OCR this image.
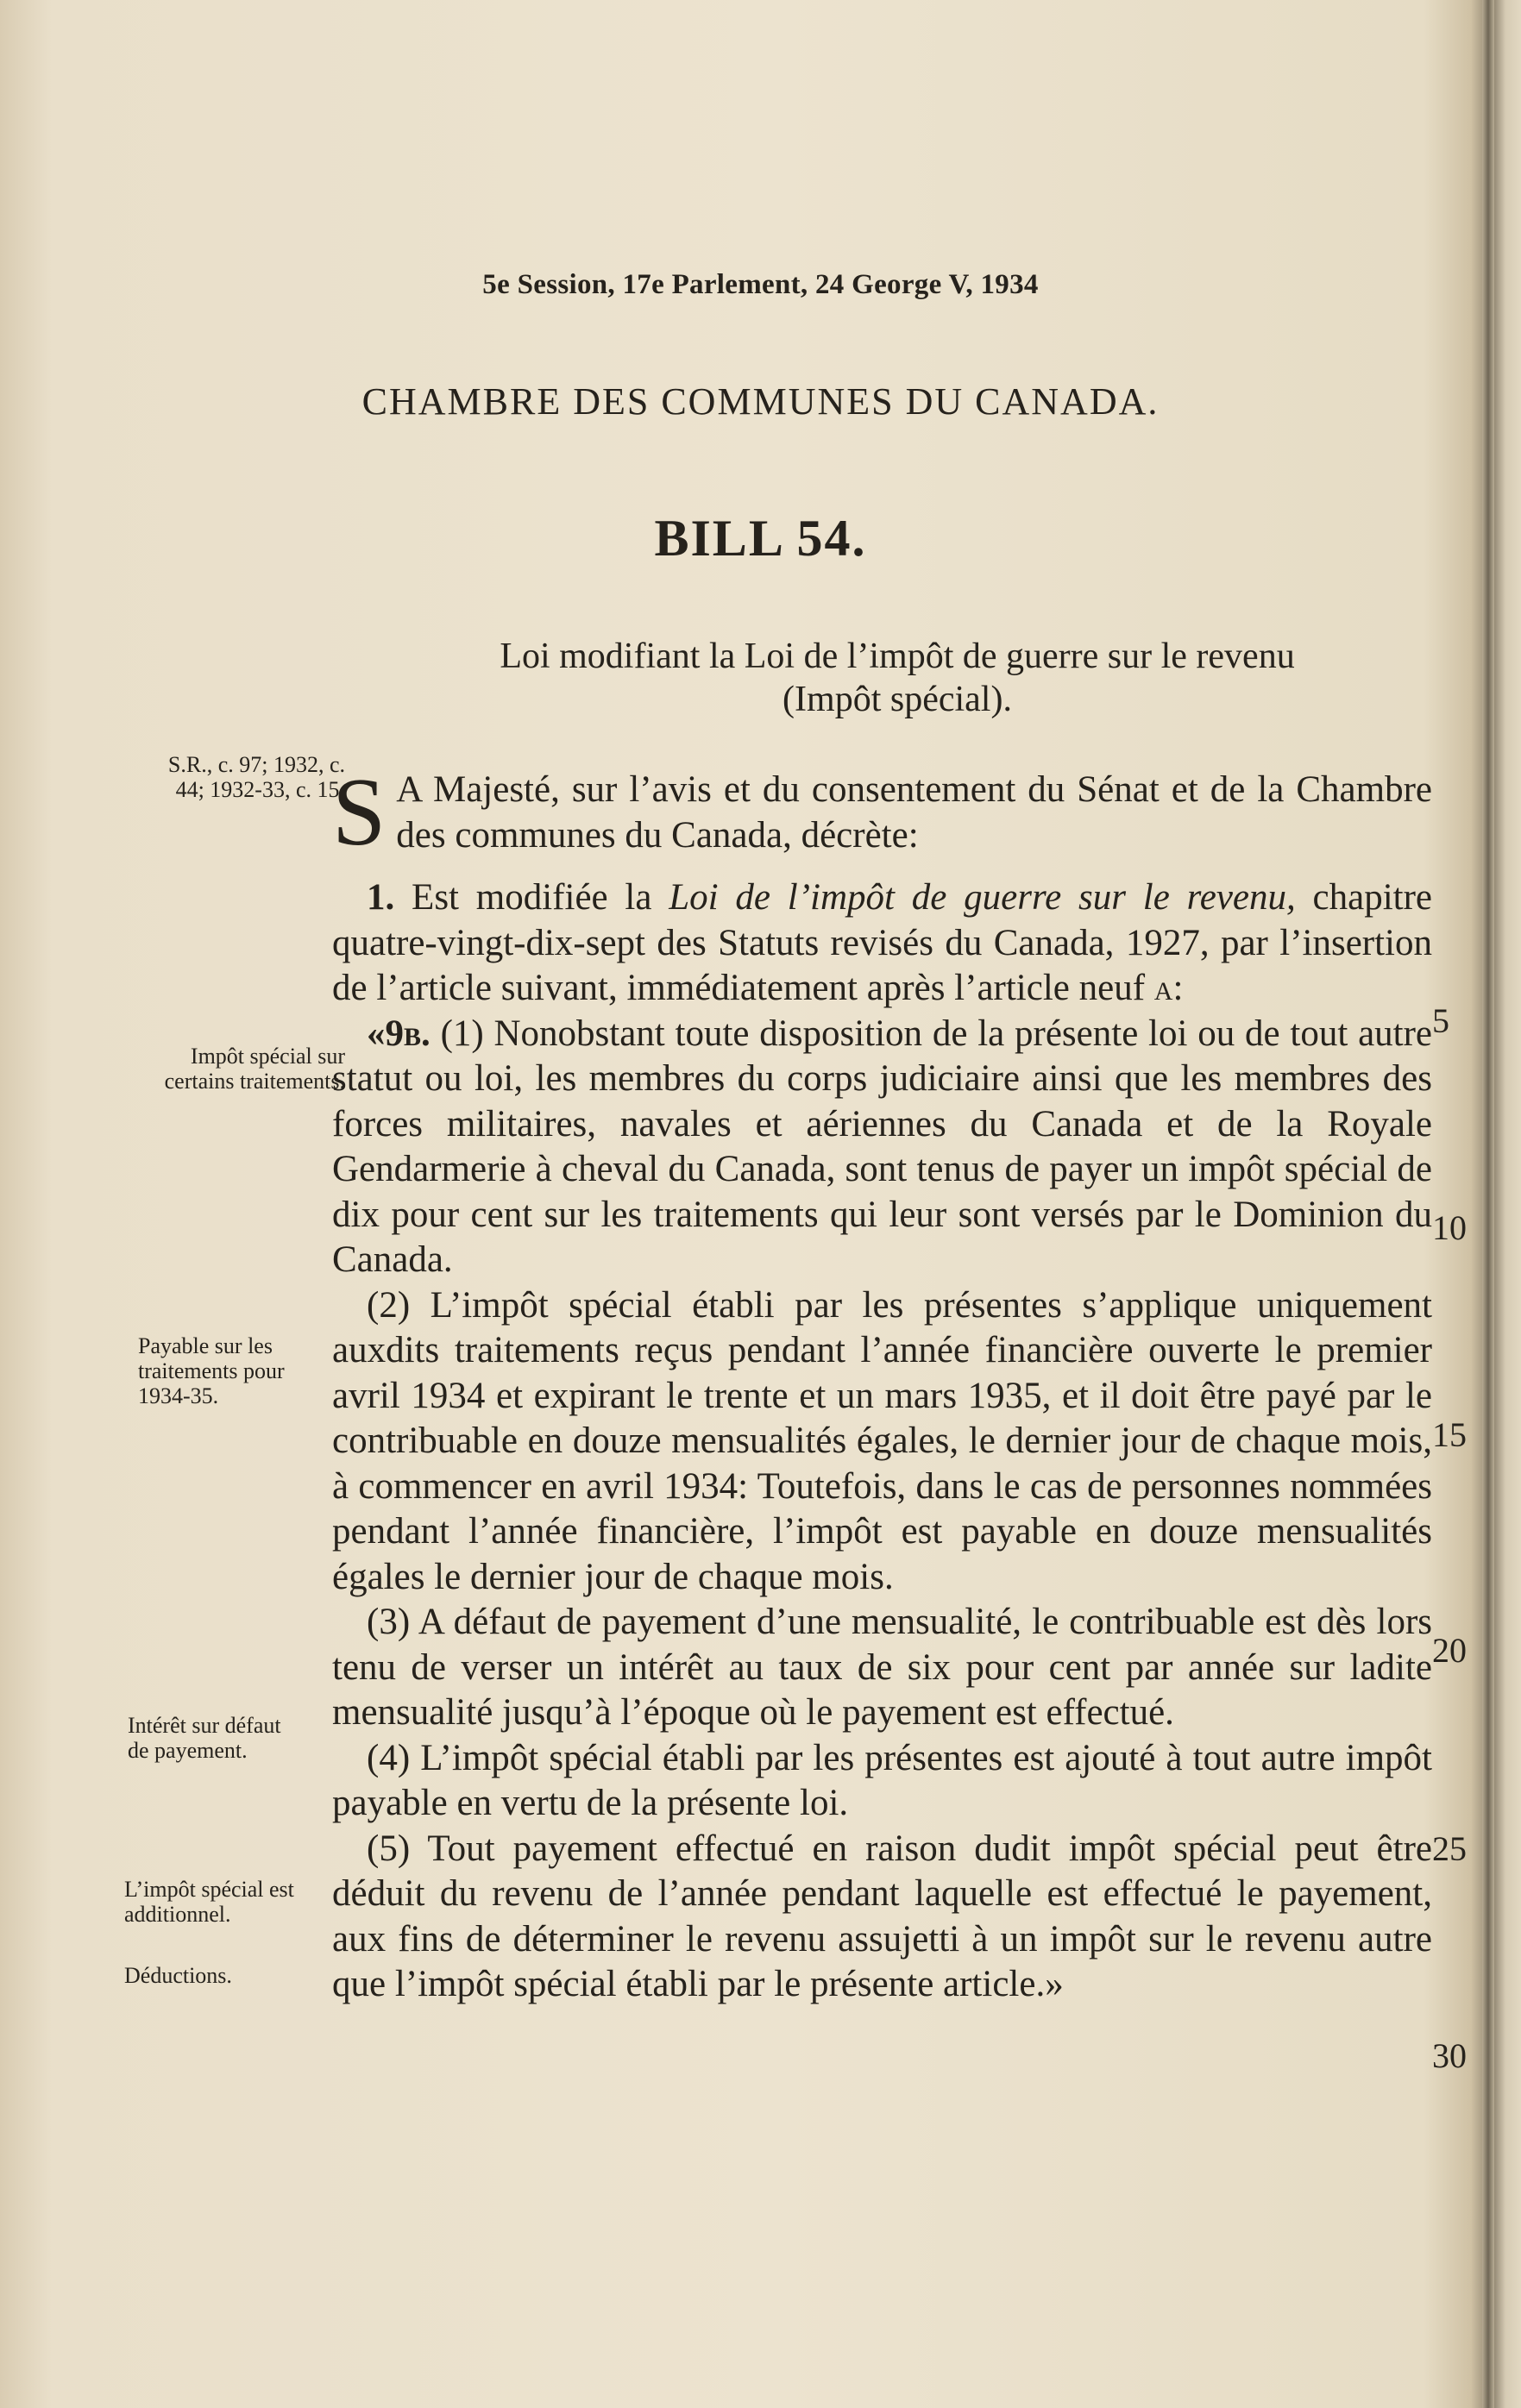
5e Session, 17e Parlement, 24 George V, 1934
CHAMBRE DES COMMUNES DU CANADA.
BILL 54.
Loi modifiant la Loi de l’impôt de guerre sur le revenu
(Impôt spécial).
S.R., c. 97; 1932, c. 44; 1932-33, c. 15.
Impôt spécial sur certains traitements.
Payable sur les traitements pour 1934-35.
Intérêt sur défaut de payement.
L’impôt spécial est additionnel.
Déductions.

S A Majesté, sur l’avis et du consentement du Sénat et de la Chambre des communes du Canada, décrète:

1. Est modifiée la Loi de l’impôt de guerre sur le revenu, chapitre quatre-vingt-dix-sept des Statuts revisés du Canada, 1927, par l’insertion de l’article suivant, immédiatement après l’article neuf a:

«9b. (1) Nonobstant toute disposition de la présente loi ou de tout autre statut ou loi, les membres du corps judiciaire ainsi que les membres des forces militaires, navales et aériennes du Canada et de la Royale Gendarmerie à cheval du Canada, sont tenus de payer un impôt spécial de dix pour cent sur les traitements qui leur sont versés par le Dominion du Canada.

(2) L’impôt spécial établi par les présentes s’applique uniquement auxdits traitements reçus pendant l’année financière ouverte le premier avril 1934 et expirant le trente et un mars 1935, et il doit être payé par le contribuable en douze mensualités égales, le dernier jour de chaque mois, à commencer en avril 1934: Toutefois, dans le cas de personnes nommées pendant l’année financière, l’impôt est payable en douze mensualités égales le dernier jour de chaque mois.

(3) A défaut de payement d’une mensualité, le contribuable est dès lors tenu de verser un intérêt au taux de six pour cent par année sur ladite mensualité jusqu’à l’époque où le payement est effectué.

(4) L’impôt spécial établi par les présentes est ajouté à tout autre impôt payable en vertu de la présente loi.

(5) Tout payement effectué en raison dudit impôt spécial peut être déduit du revenu de l’année pendant laquelle est effectué le payement, aux fins de déterminer le revenu assujetti à un impôt sur le revenu autre que l’impôt spécial établi par le présente article.»

5
10
15
20
25
30
